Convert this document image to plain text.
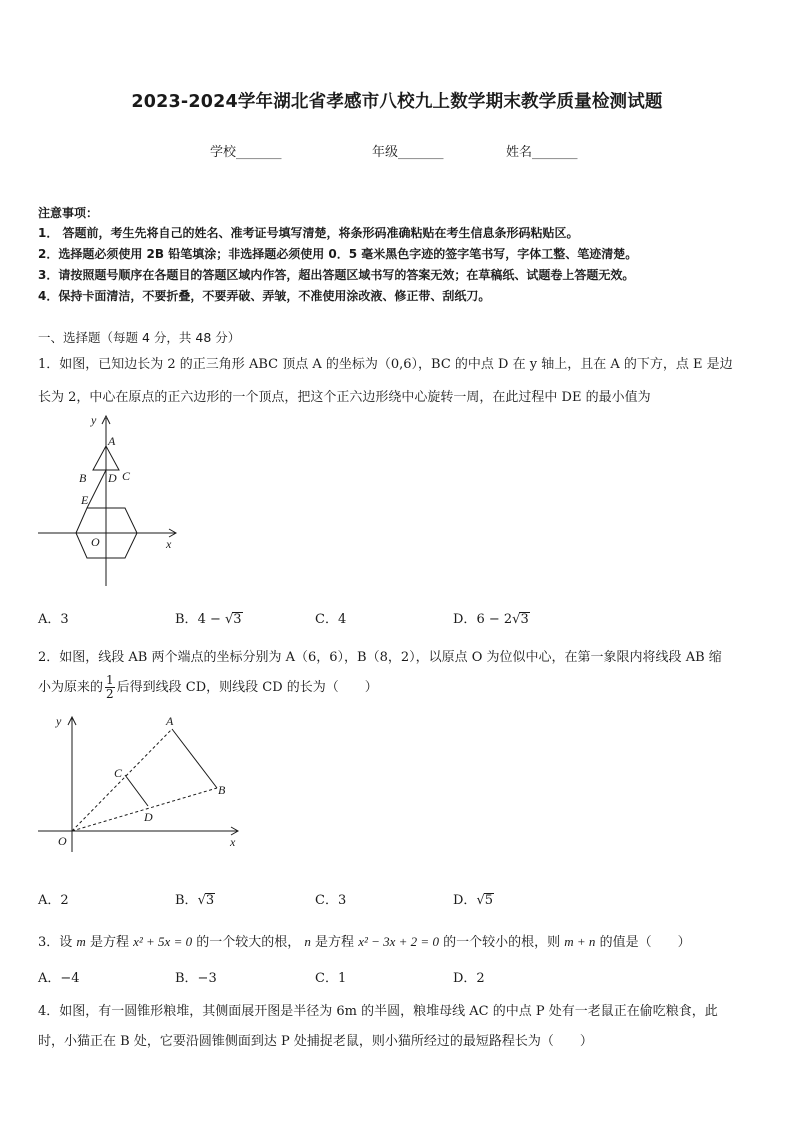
2023-2024学年湖北省孝感市八校九上数学期末教学质量检测试题
学校_______	年级_______	姓名_______
注意事项：
1． 答题前，考生先将自己的姓名、准考证号填写清楚，将条形码准确粘贴在考生信息条形码粘贴区。
2．选择题必须使用 2B 铅笔填涂；非选择题必须使用 0．5 毫米黑色字迹的签字笔书写，字体工整、笔迹清楚。
3．请按照题号顺序在各题目的答题区域内作答，超出答题区域书写的答案无效；在草稿纸、试题卷上答题无效。
4．保持卡面清洁，不要折叠，不要弄破、弄皱，不准使用涂改液、修正带、刮纸刀。
一、选择题（每题 4 分，共 48 分）
1．如图，已知边长为 2 的正三角形 ABC 顶点 A 的坐标为（0,6），BC 的中点 D 在 y 轴上，且在 A 的下方，点 E 是边
长为 2，中心在原点的正六边形的一个顶点，把这个正六边形绕中心旋转一周，在此过程中 DE 的最小值为
y
x
A
B D C
E
O
A．3	B．4 − √3	C．4	D．6 − 2√3
2．如图，线段 AB 两个端点的坐标分别为 A（6，6），B（8，2），以原点 O 为位似中心，在第一象限内将线段 AB 缩
小为原来的 $\frac{1}{2}$ 后得到线段 CD，则线段 CD 的长为（　　）
y
x
A
B
C
D
O
A．2	B．√3	C．3	D．√5
3．设 m 是方程 x² + 5x = 0 的一个较大的根， n 是方程 x² − 3x + 2 = 0 的一个较小的根，则 m + n 的值是（　　）
A．−4	B．−3	C．1	D．2
4．如图，有一圆锥形粮堆，其侧面展开图是半径为 6m 的半圆，粮堆母线 AC 的中点 P 处有一老鼠正在偷吃粮食，此
时，小猫正在 B 处，它要沿圆锥侧面到达 P 处捕捉老鼠，则小猫所经过的最短路程长为（　　）
